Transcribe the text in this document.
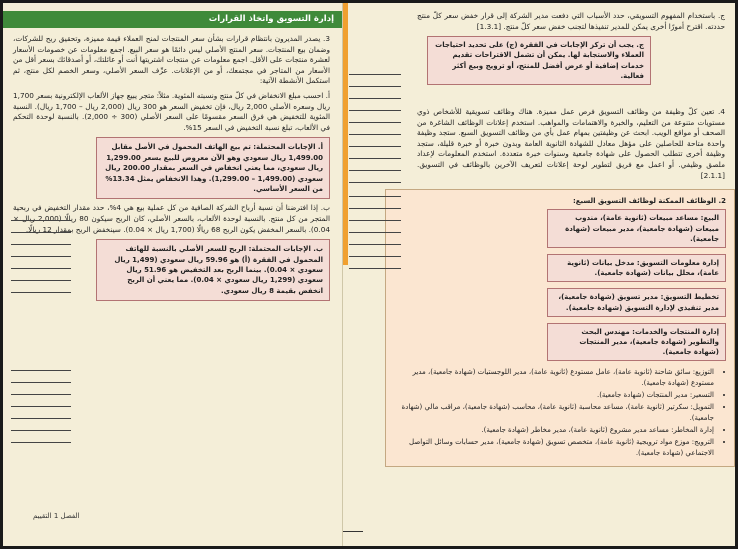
إدارة التسويق واتخاذ القرارات

3. يصدر المديرون بانتظام قرارات بشأن سعر المنتجات لمنح العملاء قيمة مميزة، وتحقيق ربح للشركات، وضمان بيع المنتجات. سعر المنتج الأصلي ليس دائمًا هو سعر البيع. اجمع معلومات عن خصومات الأسعار لعشرة منتجات على الأقل. اجمع معلومات عن منتجات اشتريتها أنت أو عائلتك، أو أصدقائك بسعر أقل من الأسعار من المتاجر في مجتمعك، أو من الإعلانات. عرِّف السعر الأصلي، وسعر الخصم لكل منتج، ثم استكمل الأنشطة الآتية:

أ. احسب مبلغ الانخفاض في كلّ منتج ونسبته المئوية. مثلاً: متجر يبيع جهاز الألعاب الإلكترونية بسعر 1,700 ريال وسعره الأصلي 2,000 ريال، فإن تخفيض السعر هو 300 ريال (2,000 ريال – 1,700 ريال). النسبة المئوية للتخفيض هي فرق السعر مقسومًا على السعر الأصلي (300 ÷ 2,000). بالنسبة لوحدة التحكم في الألعاب، تبلغ نسبة التخفيض في السعر 15%.

أ. الإجابات المحتملة: تم بيع الهاتف المحمول في الأصل مقابل 1,499.00 ريال سعودي وهو الآن معروض للبيع بسعر 1,299.00 ريال سعودي، مما يعني انخفاض في السعر بمقدار 200.00 ريال سعودي (1,499.00 – 1,299.00). وهذا الانخفاض يمثل 13.34% من السعر الأساسي.

ب. إذا افترضنا أن نسبة أرباح الشركة الصافية من كل عملية بيع هي 4%، حدد مقدار التخفيض في ربحية المتجر من كل منتج. بالنسبة لوحدة الألعاب، بالسعر الأصلي، كان الربح سيكون 80 ريالًا (2,000 ريال × 0.04). بالسعر المخفض يكون الربح 68 ريالًا (1,700 ريال × 0.04). سينخفض الربح بمقدار 12 ريالًا.

ب. الإجابات المحتملة: الربح للسعر الأصلي بالنسبة للهاتف المحمول في الفقرة (أ) هو 59.96 ريال سعودي (1,499 ريال سعودي × 0.04). بينما الربح بعد التخفيض هو 51.96 ريال سعودي (1,299 ريال سعودي × 0.04). مما يعني أن الربح انخفض بقيمة 8 ريال سعودي.
الفصل 1 التقييم

ج. باستخدام المفهوم التسويقي، حدد الأسباب التي دفعت مدير الشركة إلى قرار خفض سعر كلّ منتج حددته. اقترح أمورًا أخرى يمكن للمدير تنفيذها لتجنب خفض سعر كلّ منتج. [1.3.1]

ج. يجب أن تركز الإجابات في الفقرة (ج) على تحديد احتياجات العملاء والاستجابة لها. يمكن أن تشمل الاقتراحات تقديم خدمات إضافية أو عرض أفضل للمنتج، أو ترويج وبيع أكثر فعالية.

4. تعين كلّ وظيفة من وظائف التسويق فرص عمل مميزة. هناك وظائف تسويقية للأشخاص ذوي مستويات متنوعة من التعليم، والخبرة والاهتمامات والمواهب. استخدم إعلانات الوظائف الشاغرة من الصحف أو مواقع الويب. ابحث عن وظيفتين بمهام عمل بأي من وظائف التسويق السبع. ستجد وظيفة واحدة متاحة للحاصلين على مؤهل معادل للشهادة الثانوية العامة وبدون خبرة أو خبرة قليلة، ستجد وظيفة أخرى تتطلب الحصول على شهادة جامعية وسنوات خبرة متعددة. استخدم المعلومات لإعداد ملصق وظيفي. أو اعمل مع فريق لتطوير لوحة إعلانات لتعريف الآخرين بالوظائف في التسويق. [2.1.1]

2. الوظائف الممكنة لوظائف التسويق السبع:
البيع: مساعد مبيعات (ثانوية عامة)، مندوب مبيعات (شهادة جامعية)، مدير مبيعات (شهادة جامعية).
إدارة معلومات التسويق: مدخل بيانات (ثانوية عامة)، محلل بيانات (شهادة جامعية).
تخطيط التسويق: مدير تسويق (شهادة جامعية)، مدير تنفيذي لإدارة التسويق (شهادة جامعية).
إدارة المنتجات والخدمات: مهندس البحث والتطوير (شهادة جامعية)، مدير المنتجات (شهادة جامعية).
• التوزيع: سائق شاحنة (ثانوية عامة)، عامل مستودع (ثانوية عامة)، مدير اللوجستيات (شهادة جامعية)، مدير مستودع (شهادة جامعية).
• التسعير: مدير المنتجات (شهادة جامعية).
• التمويل: سكرتير (ثانوية عامة)، مساعد محاسبة (ثانوية عامة)، محاسب (شهادة جامعية)، مراقب مالي (شهادة جامعية).
• إدارة المخاطر: مساعد مدير مشروع (ثانوية عامة)، مدير مخاطر (شهادة جامعية).
• الترويج: موزع مواد ترويجية (ثانوية عامة)، متخصص تسويق (شهادة جامعية)، مدير حسابات وسائل التواصل الاجتماعي (شهادة جامعية).
